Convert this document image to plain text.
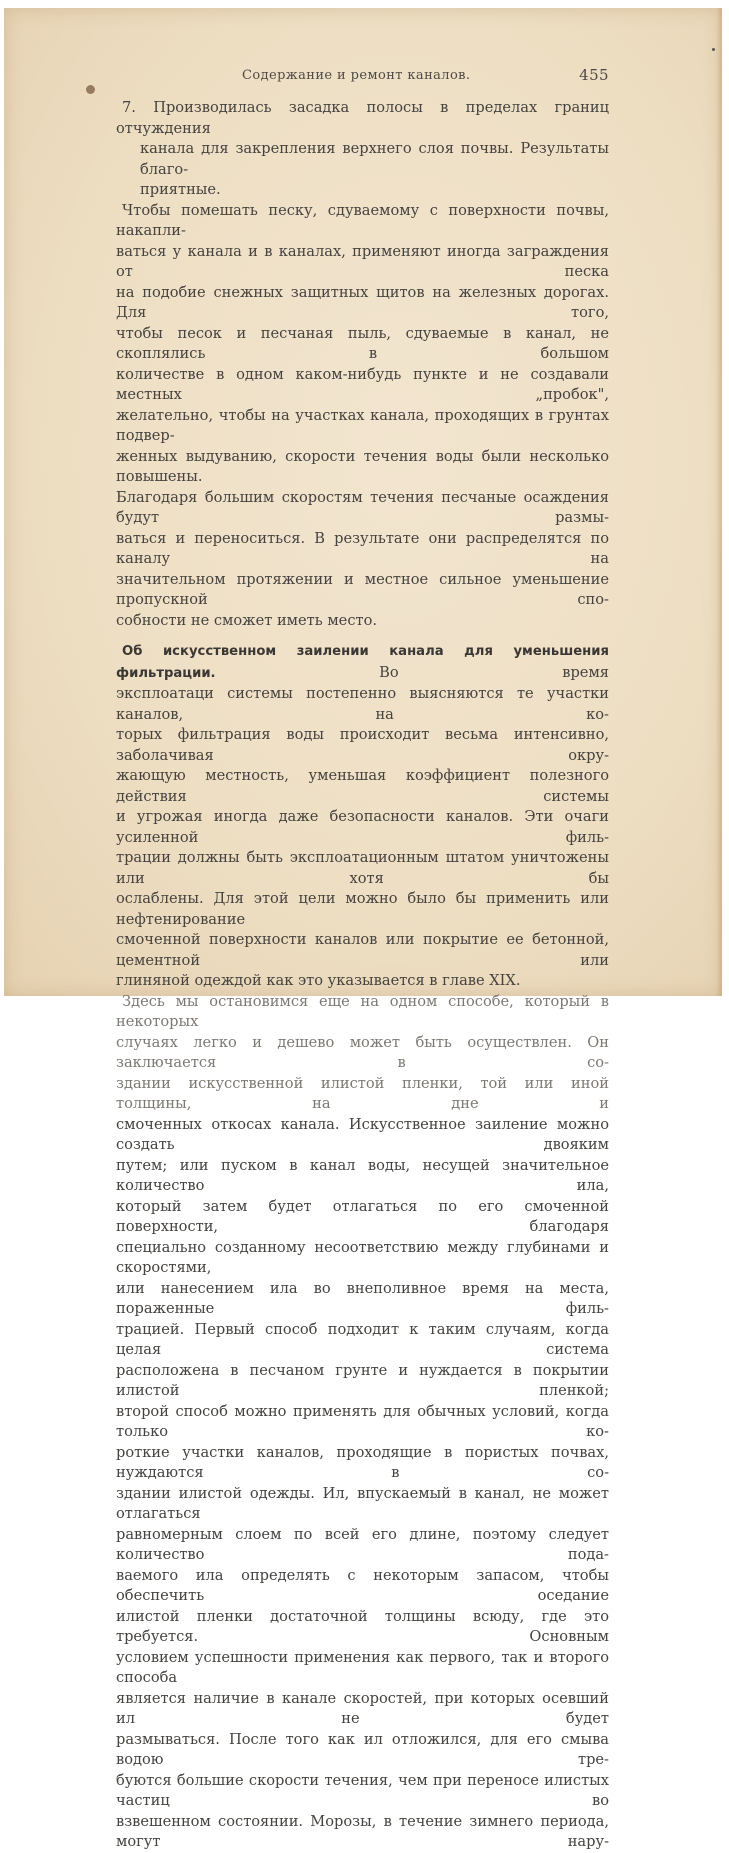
Содержание и ремонт каналов.	455

7. Производилась засадка полосы в пределах границ отчуждения

канала для закрепления верхнего слоя почвы. Результаты благо-

приятные.

Чтобы помешать песку, сдуваемому с поверхности почвы, накапли-

ваться у канала и в каналах, применяют иногда заграждения от песка

на подобие снежных защитных щитов на железных дорогах. Для того,

чтобы песок и песчаная пыль, сдуваемые в канал, не скоплялись в большом

количестве в одном каком-нибудь пункте и не создавали местных „пробок",

желательно, чтобы на участках канала, проходящих в грунтах подвер-

женных выдуванию, скорости течения воды были несколько повышены.

Благодаря большим скоростям течения песчаные осаждения будут размы-

ваться и переноситься. В результате они распределятся по каналу на

значительном протяжении и местное сильное уменьшение пропускной спо-

собности не сможет иметь место.

Об искусственном заилении канала для уменьшения фильтрации.	Во время

эксплоатаци системы постепенно выясняются те участки каналов, на ко-

торых фильтрация воды происходит весьма интенсивно, заболачивая окру-

жающую местность, уменьшая коэффициент полезного действия системы

и угрожая иногда даже безопасности каналов. Эти очаги усиленной филь-

трации должны быть эксплоатационным штатом уничтожены или хотя бы

ослаблены. Для этой цели можно было бы применить или нефтенирование

смоченной поверхности каналов или покрытие ее бетонной, цементной или

глиняной одеждой как это указывается в главе XIX.

Здесь мы остановимся еще на одном способе, который в некоторых

случаях легко и дешево может быть осуществлен. Он заключается в со-

здании искусственной илистой пленки, той или иной толщины, на дне и

смоченных откосах канала. Искусственное заиление можно создать двояким

путем; или пуском в канал воды, несущей значительное количество ила,

который затем будет отлагаться по его смоченной поверхности, благодаря

специально созданному несоответствию между глубинами и скоростями,

или нанесением ила во внеполивное время на места, пораженные филь-

трацией. Первый способ подходит к таким случаям, когда целая система

расположена в песчаном грунте и нуждается в покрытии илистой пленкой;

второй способ можно применять для обычных условий, когда только ко-

роткие участки каналов, проходящие в пористых почвах, нуждаются в со-

здании илистой одежды. Ил, впускаемый в канал, не может отлагаться

равномерным слоем по всей его длине, поэтому следует количество пода-

ваемого ила определять с некоторым запасом, чтобы обеспечить оседание

илистой пленки достаточной толщины всюду, где это требуется. Основным

условием успешности применения как первого, так и второго способа

является наличие в канале скоростей, при которых осевший ил не будет

размываться. После того как ил отложился, для его смыва водою тре-

буются большие скорости течения, чем при переносе илистых частиц во

взвешенном состоянии. Морозы, в течение зимнего периода, могут нару-
